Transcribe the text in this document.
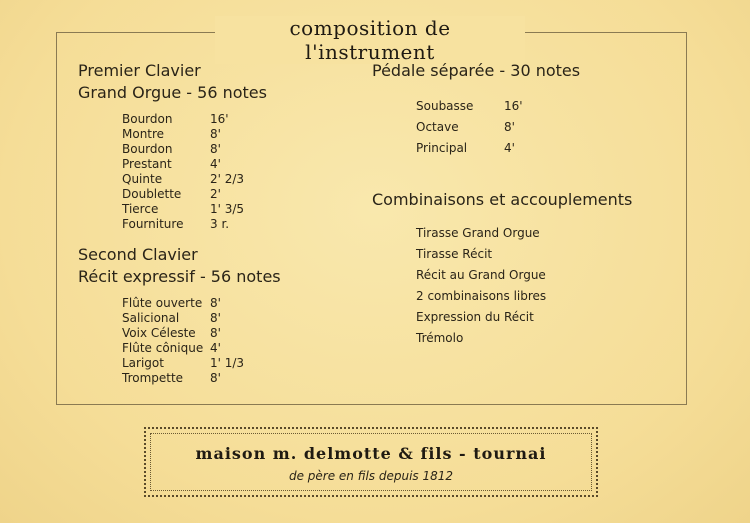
composition de l'instrument

Premier Clavier

Grand Orgue - 56 notes

Bourdon	16'
Montre	8'
Bourdon	8'
Prestant	4'
Quinte	2' 2/3
Doublette	2'
Tierce	1' 3/5
Fourniture	3 r.

Second Clavier

Récit expressif - 56 notes

Flûte ouverte 8'
Salicional	8'
Voix Céleste	8'
Flûte cônique 4'
Larigot	1' 1/3
Trompette	8'

Pédale séparée - 30 notes

Soubasse	16'
Octave	8'
Principal	4'

Combinaisons et accouplements

Tirasse Grand Orgue
Tirasse Récit
Récit au Grand Orgue
2 combinaisons libres
Expression du Récit
Trémolo
maison m. delmotte & fils - tournai
de père en fils depuis 1812
